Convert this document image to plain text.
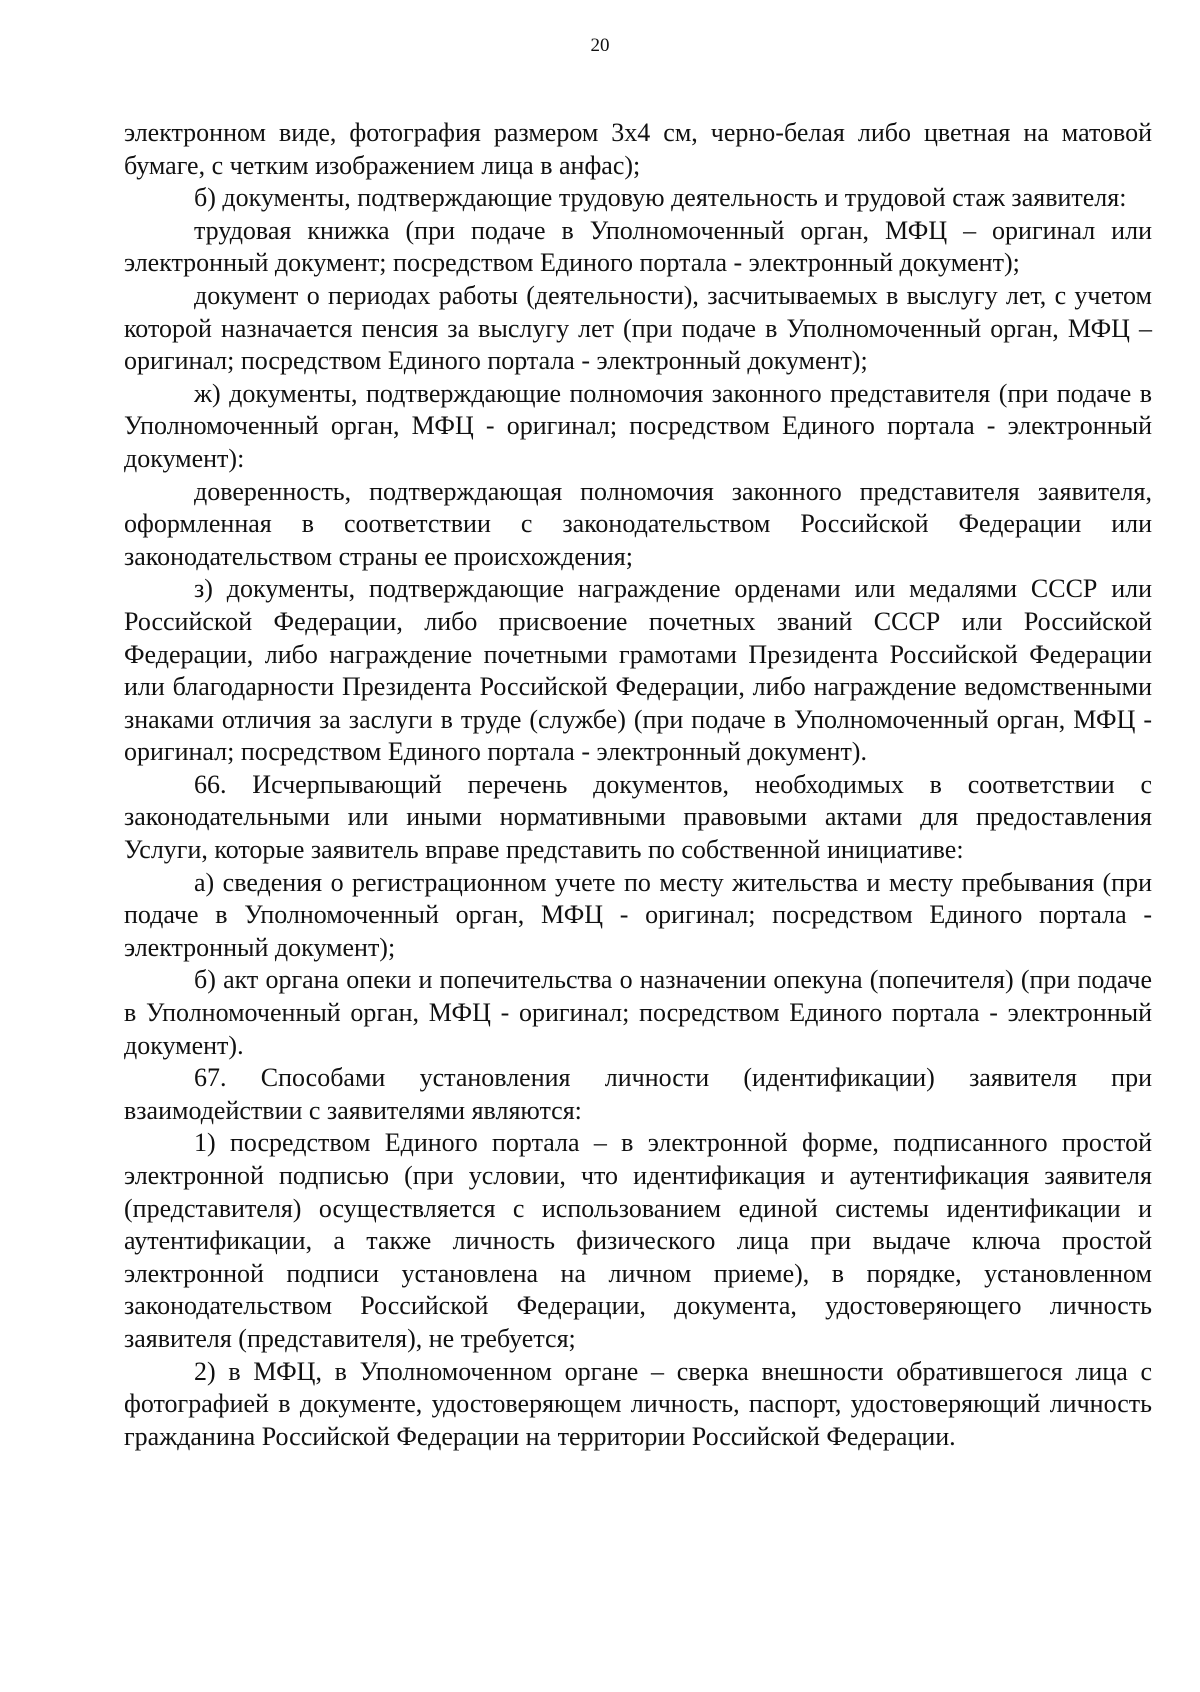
20

электронном виде, фотография размером 3х4 см, черно-белая либо цветная на матовой бумаге, с четким изображением лица в анфас);

б) документы, подтверждающие трудовую деятельность и трудовой стаж заявителя:

трудовая книжка (при подаче в Уполномоченный орган, МФЦ – оригинал или электронный документ; посредством Единого портала - электронный документ);

документ о периодах работы (деятельности), засчитываемых в выслугу лет, с учетом которой назначается пенсия за выслугу лет (при подаче в Уполномоченный орган, МФЦ – оригинал; посредством Единого портала - электронный документ);

ж) документы, подтверждающие полномочия законного представителя (при подаче в Уполномоченный орган, МФЦ - оригинал; посредством Единого портала - электронный документ):

доверенность, подтверждающая полномочия законного представителя заявителя, оформленная в соответствии с законодательством Российской Федерации или законодательством страны ее происхождения;

з) документы, подтверждающие награждение орденами или медалями СССР или Российской Федерации, либо присвоение почетных званий СССР или Российской Федерации, либо награждение почетными грамотами Президента Российской Федерации или благодарности Президента Российской Федерации, либо награждение ведомственными знаками отличия за заслуги в труде (службе) (при подаче в Уполномоченный орган, МФЦ - оригинал; посредством Единого портала - электронный документ).

66. Исчерпывающий перечень документов, необходимых в соответствии с законодательными или иными нормативными правовыми актами для предоставления Услуги, которые заявитель вправе представить по собственной инициативе:

а) сведения о регистрационном учете по месту жительства и месту пребывания (при подаче в Уполномоченный орган, МФЦ - оригинал; посредством Единого портала - электронный документ);

б) акт органа опеки и попечительства о назначении опекуна (попечителя) (при подаче в Уполномоченный орган, МФЦ - оригинал; посредством Единого портала - электронный документ).

67. Способами установления личности (идентификации) заявителя при взаимодействии с заявителями являются:

1) посредством Единого портала – в электронной форме, подписанного простой электронной подписью (при условии, что идентификация и аутентификация заявителя (представителя) осуществляется с использованием единой системы идентификации и аутентификации, а также личность физического лица при выдаче ключа простой электронной подписи установлена на личном приеме), в порядке, установленном законодательством Российской Федерации, документа, удостоверяющего личность заявителя (представителя), не требуется;

2) в МФЦ, в Уполномоченном органе – сверка внешности обратившегося лица с фотографией в документе, удостоверяющем личность, паспорт, удостоверяющий личность гражданина Российской Федерации на территории Российской Федерации.
